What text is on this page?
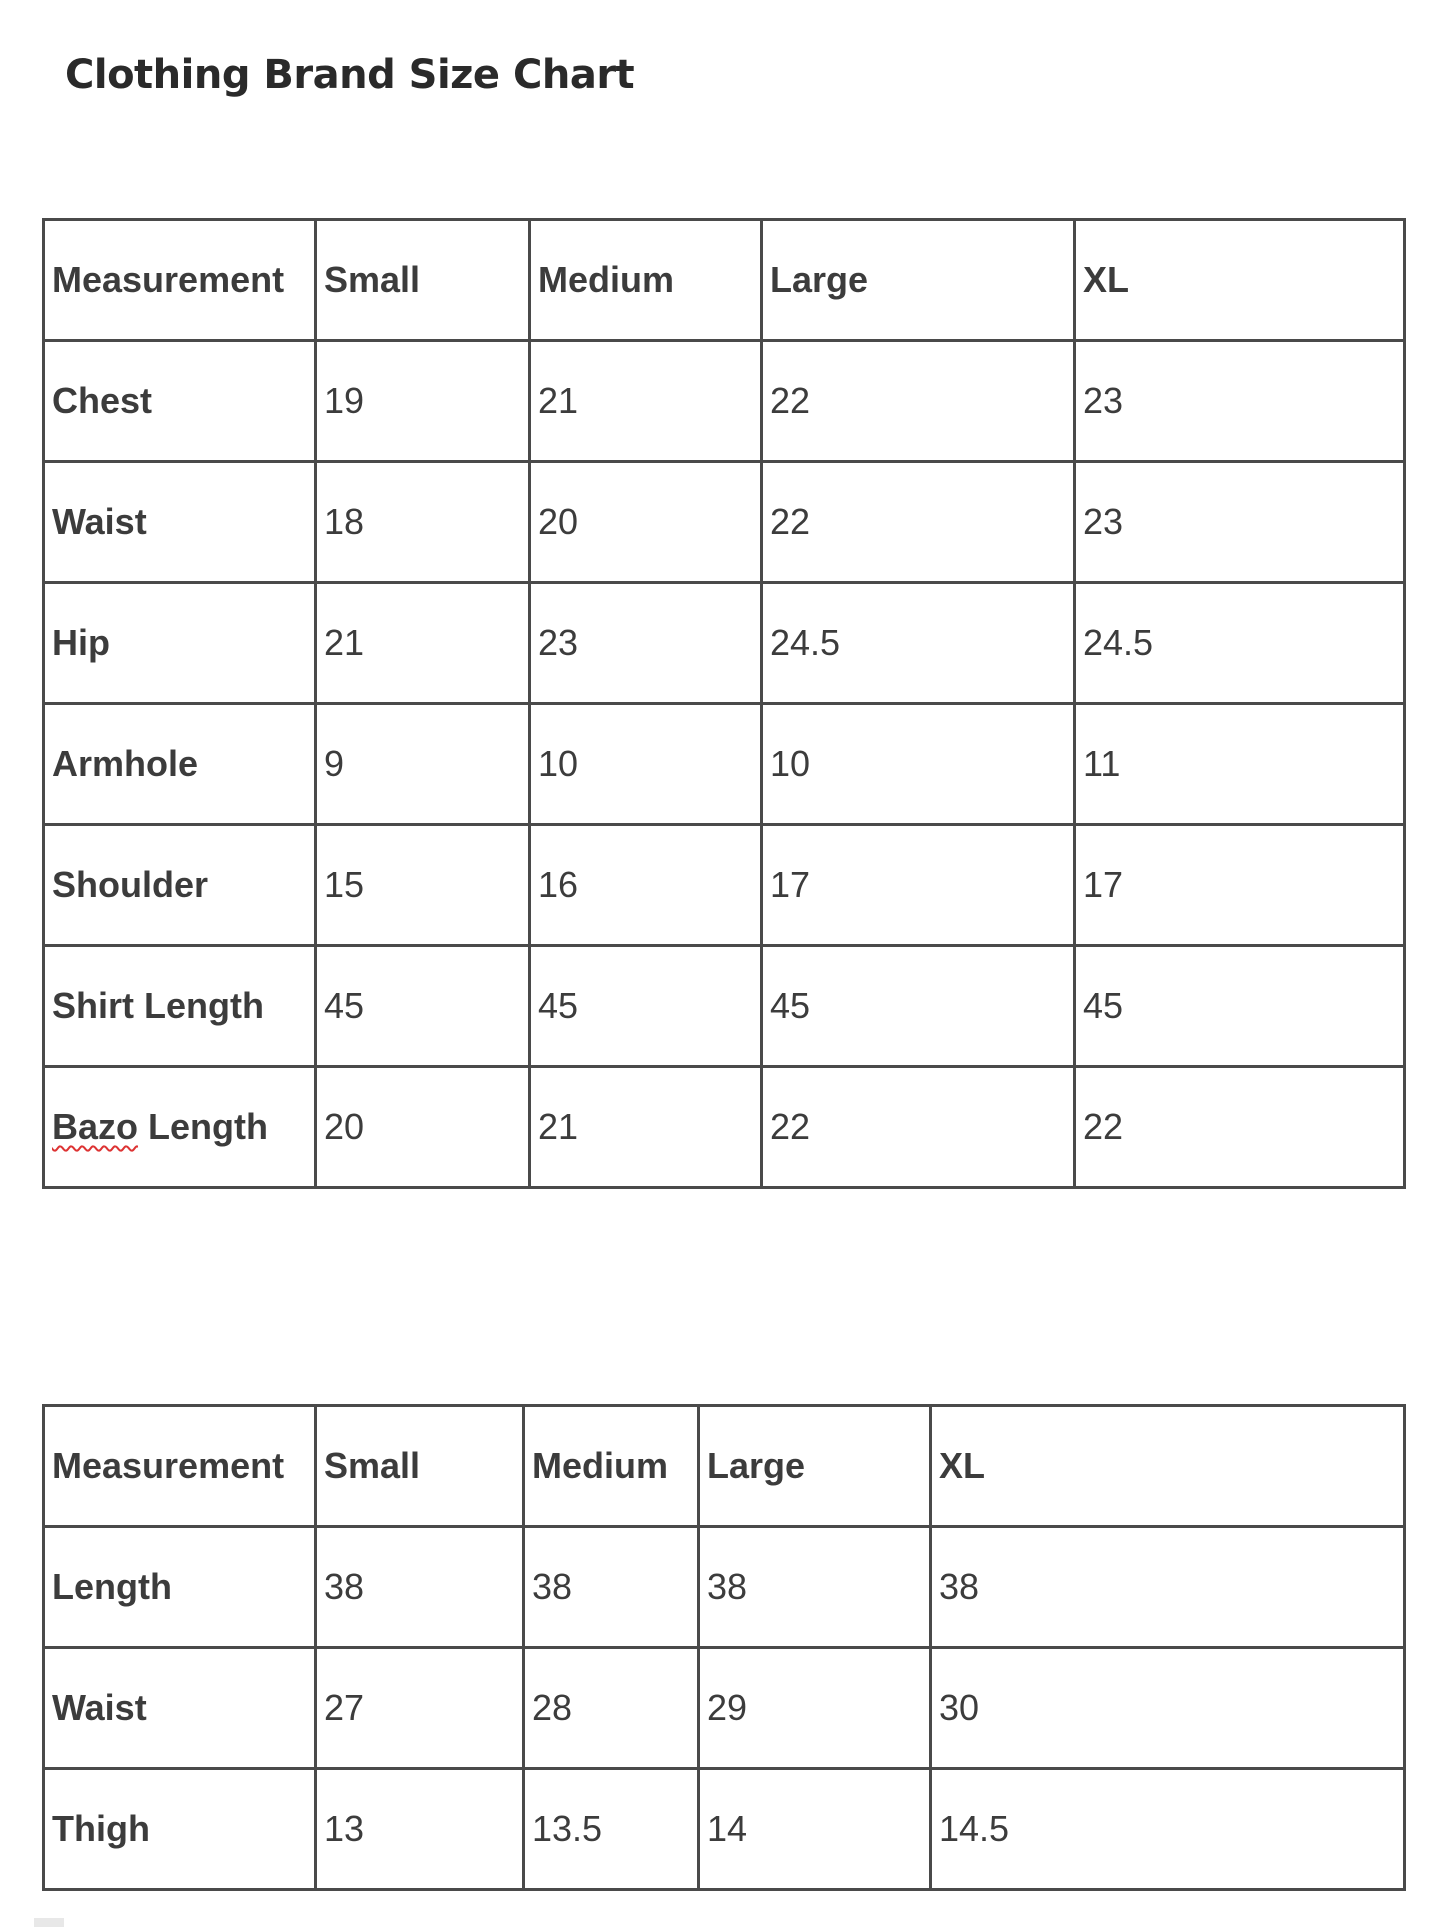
Clothing Brand Size Chart
Measurement	Small	Medium	Large	XL
Chest	19	21	22	23
Waist	18	20	22	23
Hip	21	23	24.5	24.5
Armhole	9	10	10	11
Shoulder	15	16	17	17
Shirt Length	45	45	45	45
Bazo Length	20	21	22	22
Measurement	Small	Medium	Large	XL
Length	38	38	38	38
Waist	27	28	29	30
Thigh	13	13.5	14	14.5
